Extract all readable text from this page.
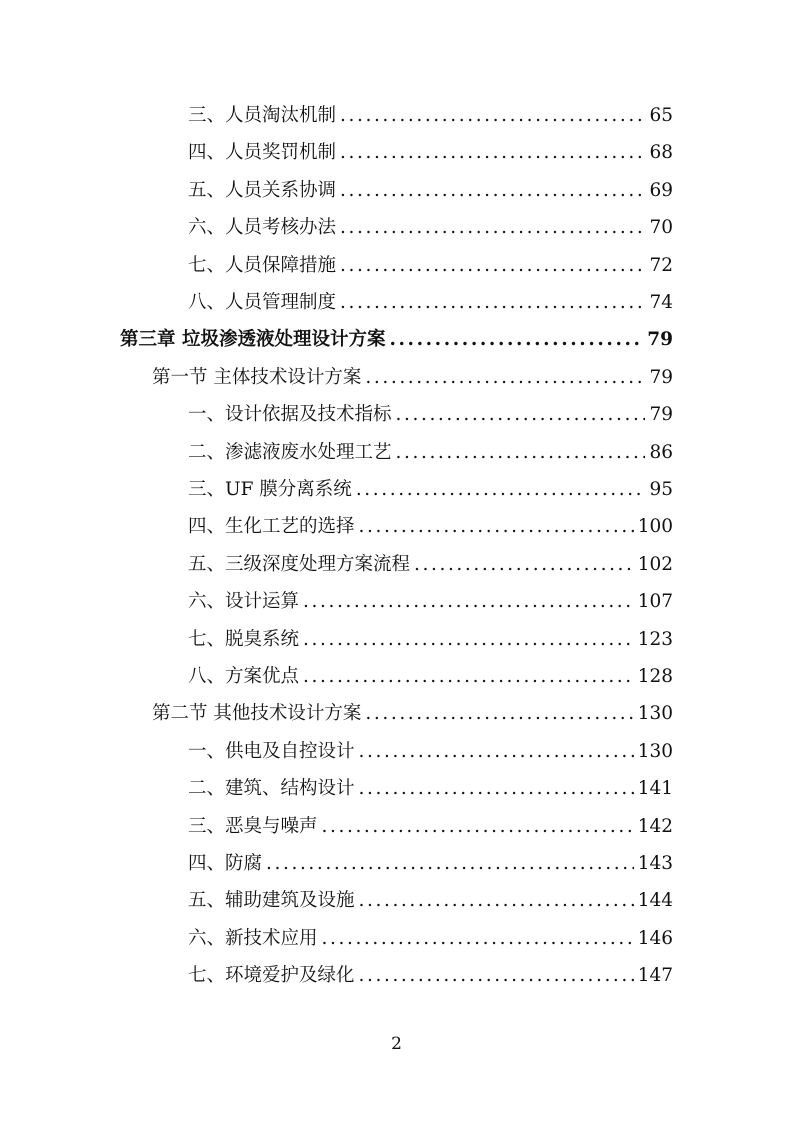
三、人员淘汰机制 .....	65
四、人员奖罚机制 .....	68
五、人员关系协调 .....	69
六、人员考核办法 .....	70
七、人员保障措施 .....	72
八、人员管理制度 .....	74
第三章 垃圾渗透液处理设计方案 .....	79
第一节 主体技术设计方案 .....	79
一、设计依据及技术指标 .....	79
二、渗滤液废水处理工艺 .....	86
三、UF 膜分离系统 .....	95
四、生化工艺的选择 .....	100
五、三级深度处理方案流程 .....	102
六、设计运算 .....	107
七、脱臭系统 .....	123
八、方案优点 .....	128
第二节 其他技术设计方案 .....	130
一、供电及自控设计 .....	130
二、建筑、结构设计 .....	141
三、恶臭与噪声 .....	142
四、防腐 .....	143
五、辅助建筑及设施 .....	144
六、新技术应用 .....	146
七、环境爱护及绿化 .....	147
2
